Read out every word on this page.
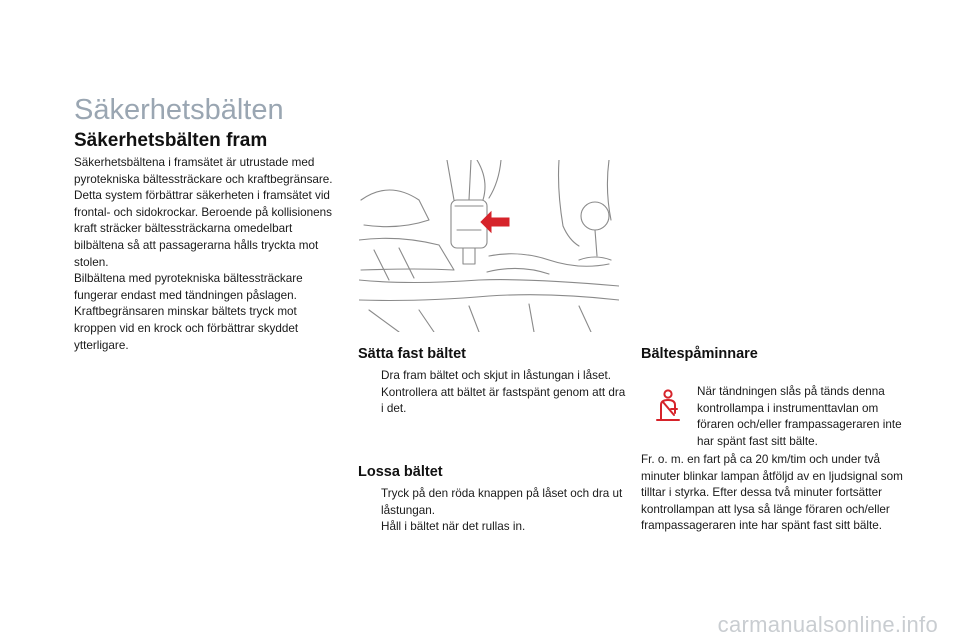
Säkerhetsbälten
Säkerhetsbälten fram

Säkerhetsbältena i framsätet är utrustade med pyrotekniska bältessträckare och kraftbegränsare.

Detta system förbättrar säkerheten i framsätet vid frontal- och sidokrockar. Beroende på kollisionens kraft sträcker bältessträckarna omedelbart bilbältena så att passagerarna hålls tryckta mot stolen.

Bilbältena med pyrotekniska bältessträckare fungerar endast med tändningen påslagen.

Kraftbegränsaren minskar bältets tryck mot kroppen vid en krock och förbättrar skyddet ytterligare.

Sätta fast bältet
Dra fram bältet och skjut in låstungan i låset.
Kontrollera att bältet är fastspänt genom att dra i det.
Lossa bältet
Tryck på den röda knappen på låset och dra ut låstungan.
Håll i bältet när det rullas in.
Bältespåminnare
När tändningen slås på tänds denna kontrollampa i instrumenttavlan om föraren och/eller frampassageraren inte har spänt fast sitt bälte.
Fr. o. m. en fart på ca 20 km/tim och under två minuter blinkar lampan åtföljd av en ljudsignal som tilltar i styrka. Efter dessa två minuter fortsätter kontrollampan att lysa så länge föraren och/eller frampassageraren inte har spänt fast sitt bälte.
carmanualsonline.info
